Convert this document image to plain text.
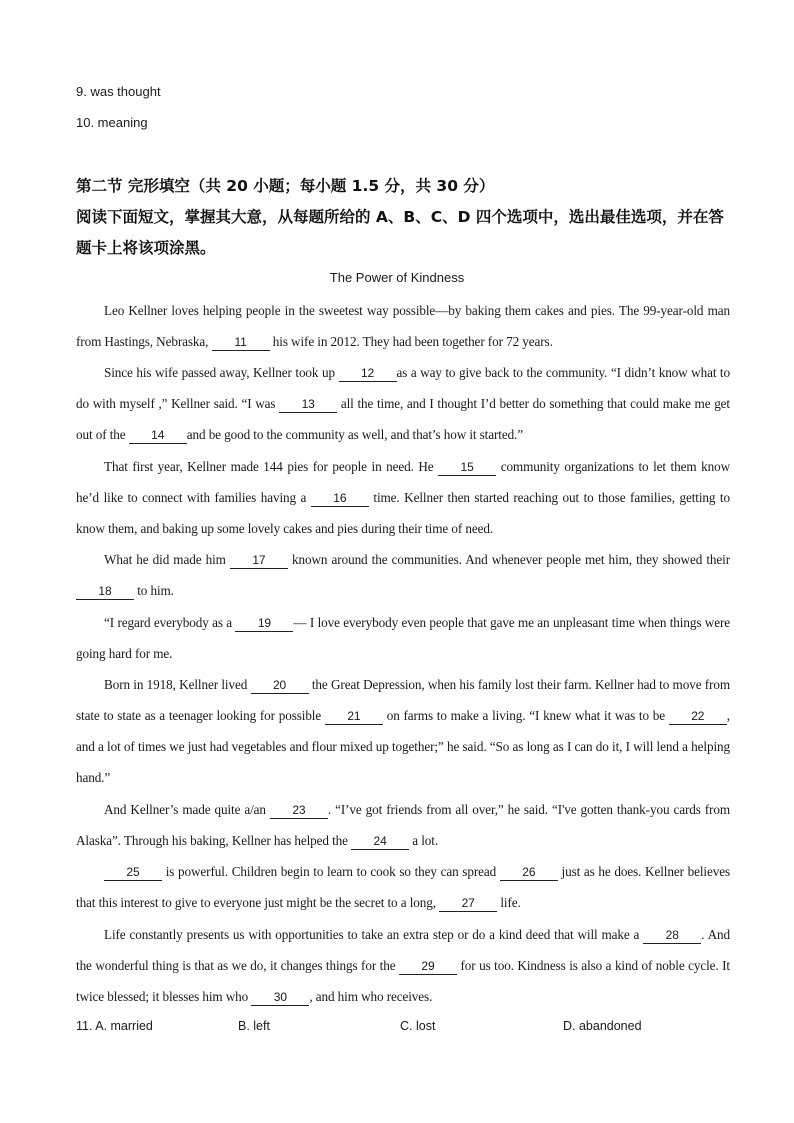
9. was thought
10. meaning
第二节 完形填空（共 20 小题；每小题 1.5 分，共 30 分）
阅读下面短文，掌握其大意，从每题所给的 A、B、C、D 四个选项中，选出最佳选项，并在答题卡上将该项涂黑。
The Power of Kindness
Leo Kellner loves helping people in the sweetest way possible—by baking them cakes and pies. The 99-year-old man from Hastings, Nebraska, 11 his wife in 2012. They had been together for 72 years.
Since his wife passed away, Kellner took up 12 as a way to give back to the community. “I didn’t know what to do with myself ,” Kellner said. “I was 13 all the time, and I thought I’d better do something that could make me get out of the 14 and be good to the community as well, and that’s how it started.”
That first year, Kellner made 144 pies for people in need. He 15 community organizations to let them know he’d like to connect with families having a 16 time. Kellner then started reaching out to those families, getting to know them, and baking up some lovely cakes and pies during their time of need.
What he did made him 17 known around the communities. And whenever people met him, they showed their 18 to him.
“I regard everybody as a 19 — I love everybody even people that gave me an unpleasant time when things were going hard for me.
Born in 1918, Kellner lived 20 the Great Depression, when his family lost their farm. Kellner had to move from state to state as a teenager looking for possible 21 on farms to make a living. “I knew what it was to be 22 , and a lot of times we just had vegetables and flour mixed up together;” he said. “So as long as I can do it, I will lend a helping hand.”
And Kellner’s made quite a/an 23 . “I’ve got friends from all over,” he said. “I've gotten thank-you cards from Alaska”. Through his baking, Kellner has helped the 24 a lot.
25 is powerful. Children begin to learn to cook so they can spread 26 just as he does. Kellner believes that this interest to give to everyone just might be the secret to a long, 27 life.
Life constantly presents us with opportunities to take an extra step or do a kind deed that will make a 28 . And the wonderful thing is that as we do, it changes things for the 29 for us too. Kindness is also a kind of noble cycle. It twice blessed; it blesses him who 30 , and him who receives.
11. A. married	B. left	C. lost	D. abandoned
